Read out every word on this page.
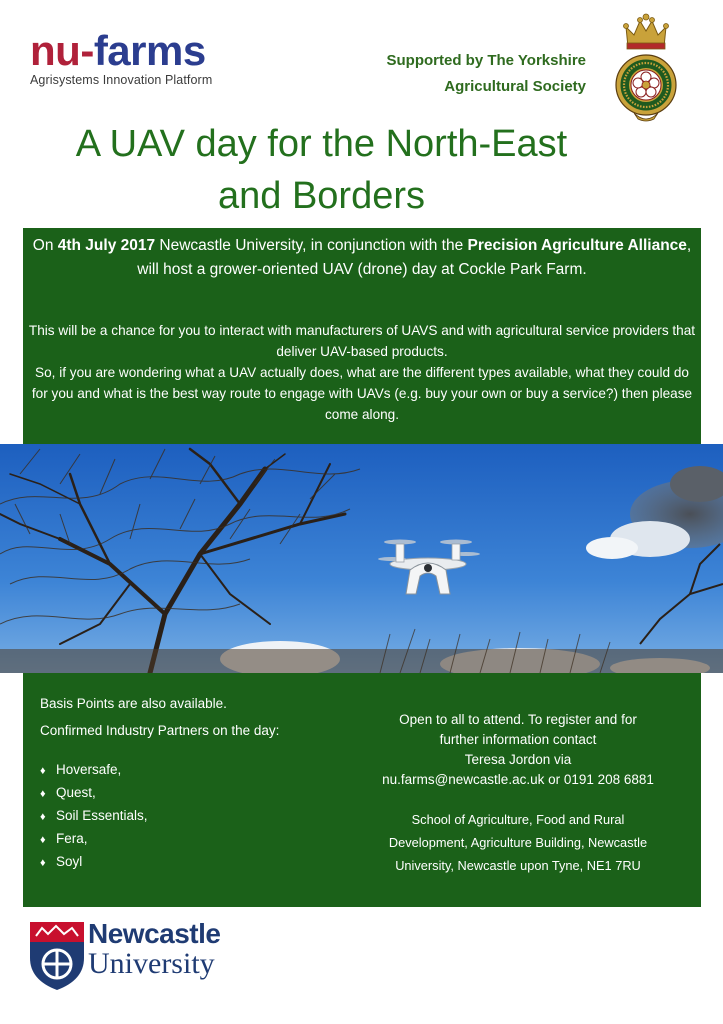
nu-farms
Agrisystems Innovation Platform
Supported by The Yorkshire
Agricultural Society
A UAV day for the North-East
and Borders
On 4th July 2017 Newcastle University, in conjunction with the Precision Agriculture Alliance, will host a grower-oriented UAV (drone) day at Cockle Park Farm.
This will be a chance for you to interact with manufacturers of UAVS and with agricultural service providers that deliver UAV-based products.
So, if you are wondering what a UAV actually does, what are the different types available, what they could do for you and what is the best way route to engage with UAVs (e.g. buy your own or buy a service?) then please come along.
Basis Points are also available.
Confirmed Industry Partners on the day:
♦ Hoversafe,
♦ Quest,
♦ Soil Essentials,
♦ Fera,
♦ Soyl
Open to all to attend. To register and for
further information contact
Teresa Jordon via
nu.farms@newcastle.ac.uk or 0191 208 6881
School of Agriculture, Food and Rural
Development, Agriculture Building, Newcastle
University, Newcastle upon Tyne, NE1 7RU
Newcastle
University
